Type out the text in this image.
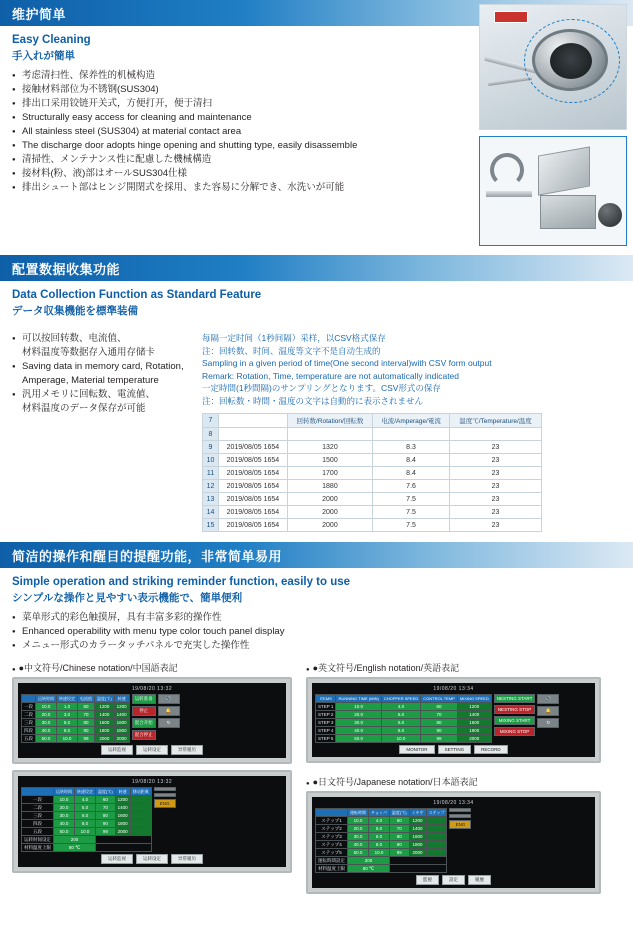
维护简单
Easy Cleaning
手入れが簡単
● 考虑清扫性、保养性的机械构造
● 接触材料部位为不锈钢(SUS304)
● 排出口采用铰链开关式，方便打开，便于清扫
● Structurally easy access for cleaning and maintenance
● All stainless steel (SUS304) at material contact area
● The discharge door adopts hinge opening and shutting type, easily disassemble
● 清掃性、メンテナンス性に配慮した機械構造
● 接材料(粉、液)部はオールSUS304仕様
● 排出シュート部はヒンジ開閉式を採用、また容易に分解でき、水洗いが可能
配置数据收集功能
Data Collection Function as Standard Feature
データ収集機能を標準装備
● 可以按回转数、电流值、
材料温度等数据存入通用存储卡
● Saving data in memory card, Rotation,
Amperage, Material temperature
● 汎用メモリに回転数、電流値、
材料温度のデータ保存が可能
每隔一定时间（1秒间隔）采样，以CSV格式保存
注：回转数、时间、温度等文字不是自动生成的
Sampling in a given period of time(One second interval)with CSV form output
Remark: Rotation, Time, temperature are not automatically indicated
一定時間(1秒間隔)のサンプリングとなります。CSV形式の保存
注：回転数・時間・温度の文字は自動的に表示されません
7		回转数/Rotation/回転数	电流/Amperage/電流	温度℃/Temperature/温度
8				
9	2019/08/05 1654	1320	8.3	23
10	2019/08/05 1654	1500	8.4	23
11	2019/08/05 1654	1700	8.4	23
12	2019/08/05 1654	1880	7.6	23
13	2019/08/05 1654	2000	7.5	23
14	2019/08/05 1654	2000	7.5	23
15	2019/08/05 1654	2000	7.5	23
简洁的操作和醒目的提醒功能，非常简单易用
Simple operation and striking reminder function, easily to use
シンプルな操作と見やすい表示機能で、簡単便利
● 菜单形式的彩色触摸屏，具有丰富多彩的操作性
● Enhanced operability with menu type color touch panel display
● メニュー形式のカラータッチパネルで充実した操作性
● ●中文符号/Chinese notation/中国語表記
19/08/20 13:32
	运转时间	转速设定	电流值	温度(℃)	转速
一段	10.0	1.0	60	1200	1200
二段	20.0	3.0	70	1400	1400
三段	30.0	5.0	80	1600	1600
四段	40.0	8.0	90	1800	1800
五段	50.0	10.0	99	2000	2000
运转准备
停止
混合开始
混合停止
🔊
🔔
↻
运转监视	运转设定	异常履历
19/08/20 13:32
	运转时间	转速设定	温度(℃)	转速	移动距离
一段	10.0	4.0	60	1200	
二段	20.0	5.0	70	1400	
三段	30.0	6.0	80	1600	
四段	40.0	8.0	90	1800	
五段	50.0	10.0	99	2000	
运转时间设定	200				
材料温度上限	80 ℃				
ENG
运转监视	运转设定	异常履历
● ●英文符号/English notation/英語表記
19/08/20 13:34
ITEMS	RUNNING TIME (MIN)	CHOPPER SPEED	CONTROL TEMP	MIXING SPEED
STEP 1	10.0	4.0	60	1200
STEP 2	20.0	5.0	70	1400
STEP 3	30.0	6.0	80	1600
STEP 4	40.0	8.0	90	1800
STEP 5	50.0	10.0	99	2000
NESTING START
NESTING STOP
MIXING START
MIXING STOP
🔊
🔔
↻
MONITOR	SETTING	RECORD
● ●日文符号/Japanese notation/日本語表記
19/08/20 13:34
	運転時間	チョッパ	温度(℃)	ミキサ	ステップ
ステップ1	10.0	4.0	60	1200	
ステップ2	20.0	5.0	70	1400	
ステップ3	30.0	6.0	80	1600	
ステップ4	40.0	8.0	90	1800	
ステップ5	50.0	10.0	99	2000	
運転時間設定	200				
材料温度上限	80 ℃				
ENG
監視	設定	履歴
